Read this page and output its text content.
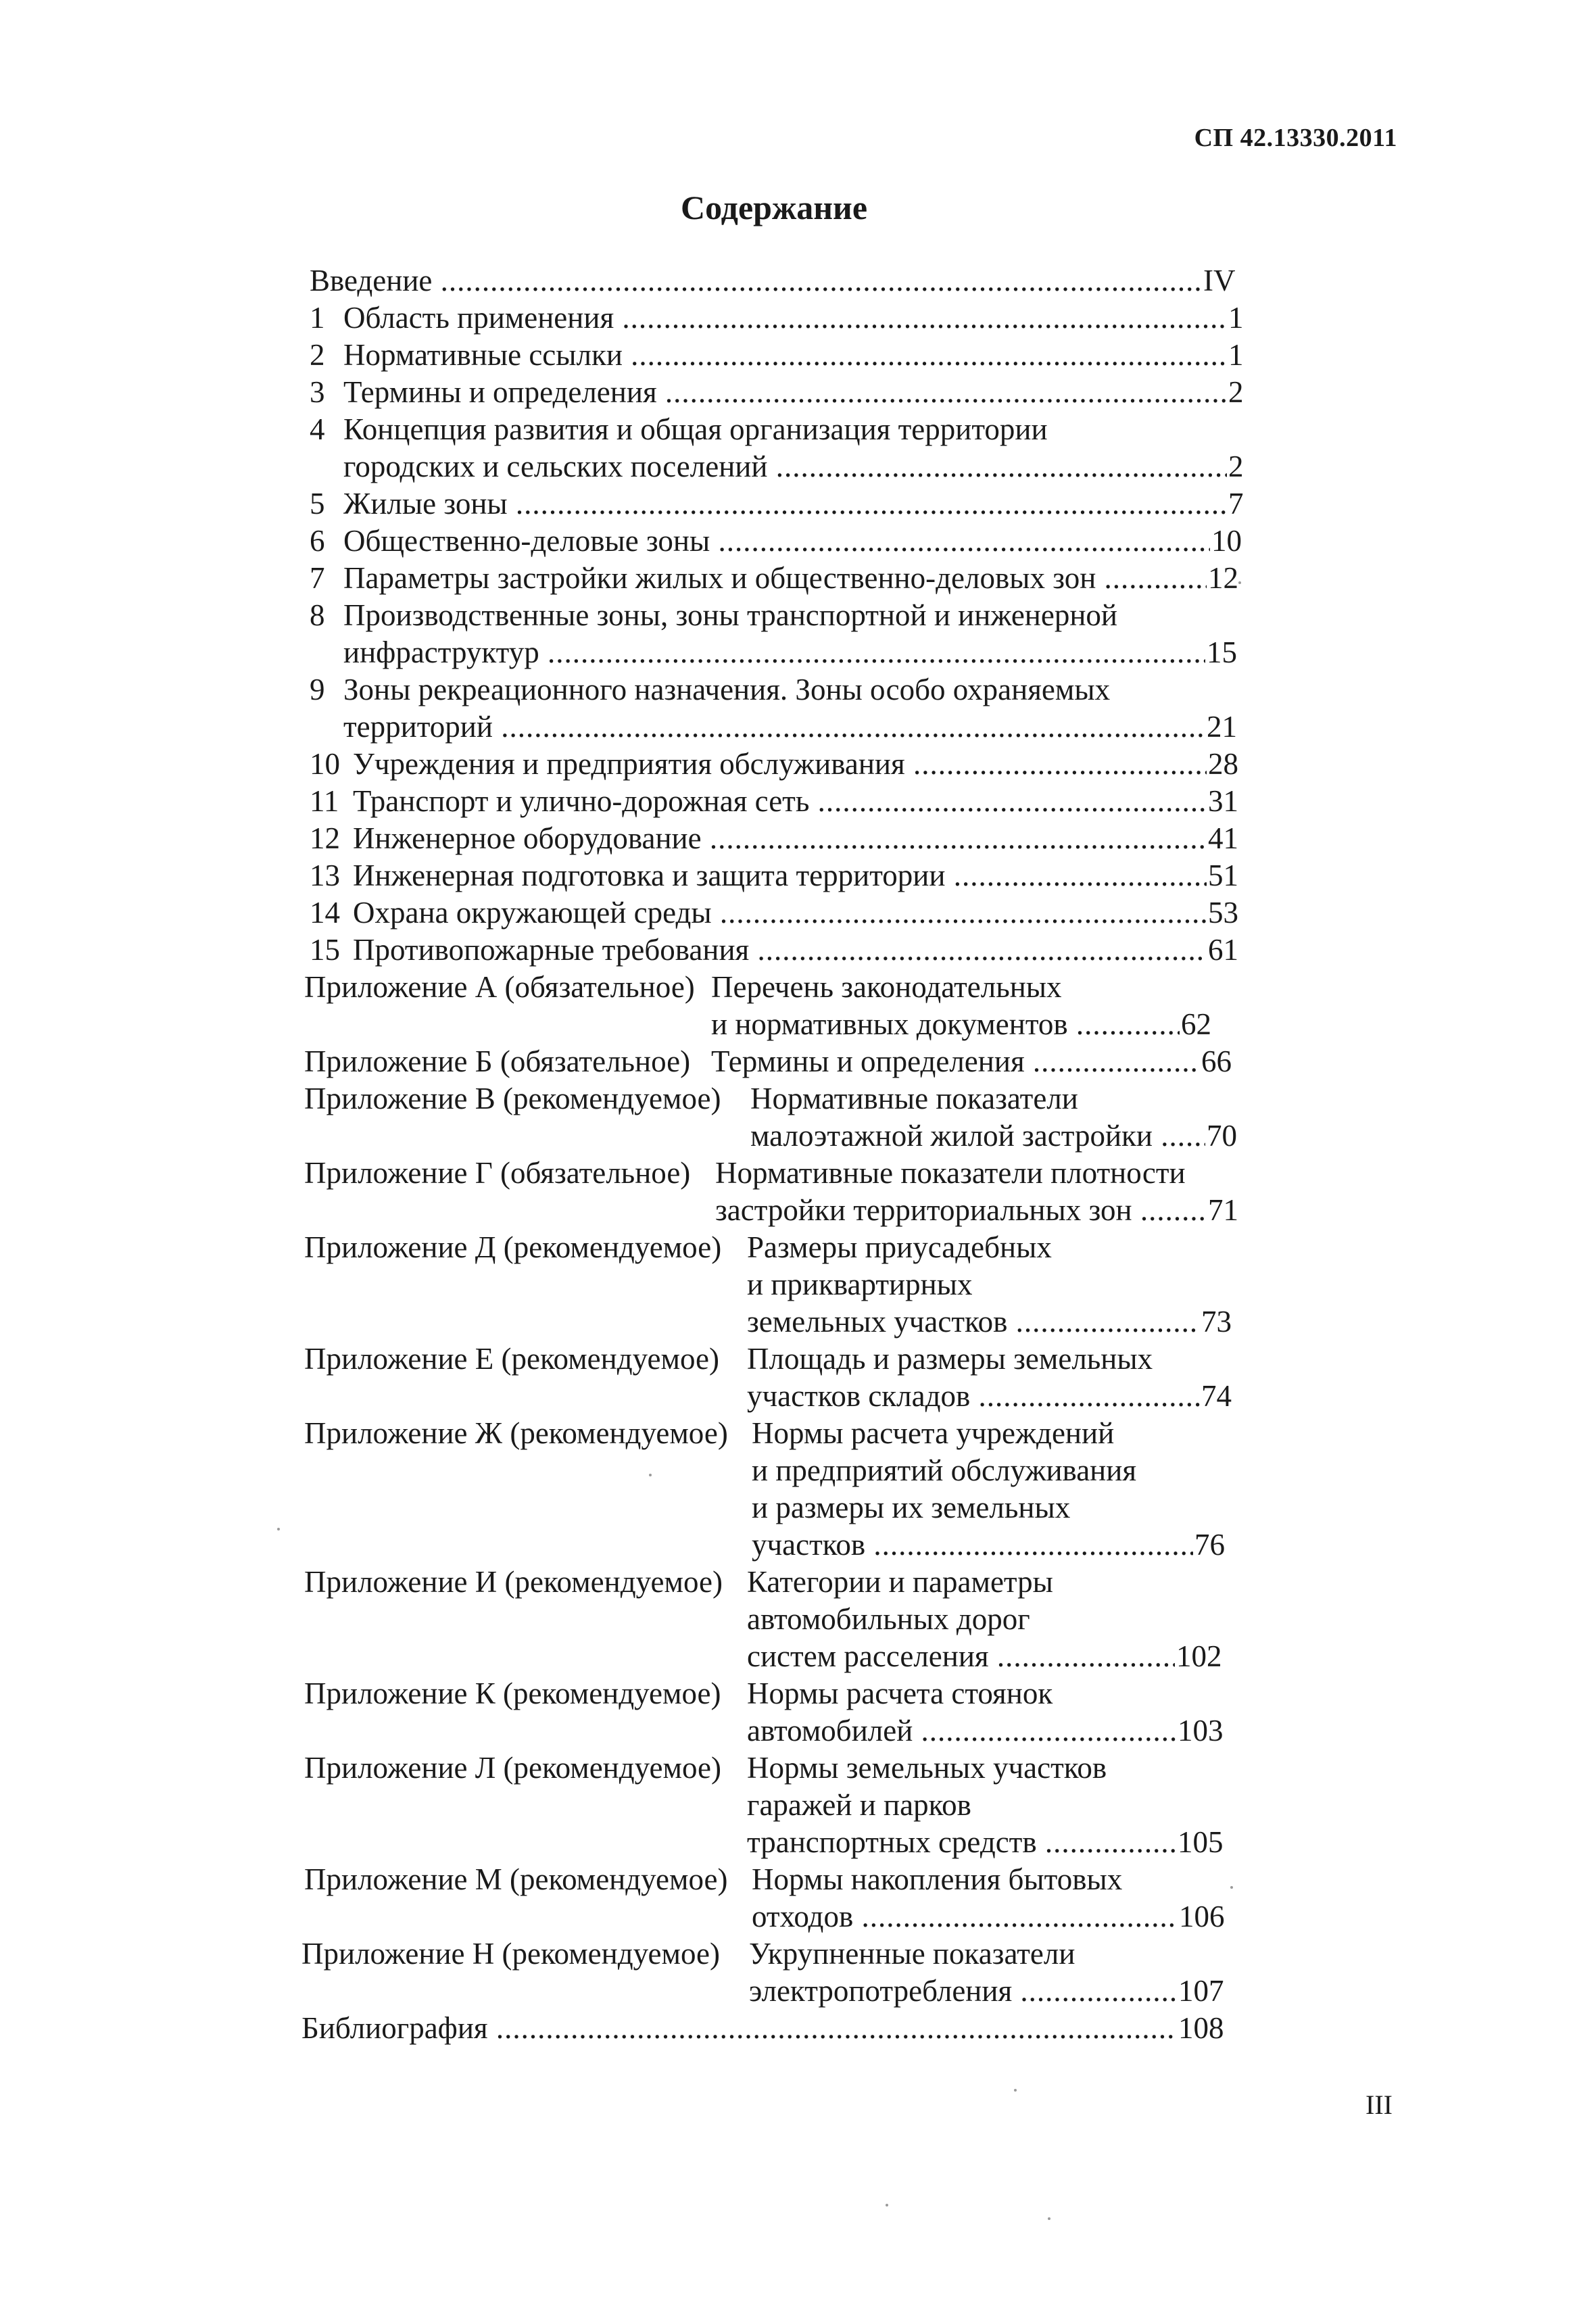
СП 42.13330.2011
Содержание
Введение .....	IV
1 Область применения .....	1
2 Нормативные ссылки .....	1
3 Термины и определения .....	2
4 Концепция развития и общая организация территории
городских и сельских поселений .....	2
5 Жилые зоны .....	7
6 Общественно-деловые зоны .....	10
7 Параметры застройки жилых и общественно-деловых зон .....	12
8 Производственные зоны, зоны транспортной и инженерной
инфраструктур .....	15
9 Зоны рекреационного назначения. Зоны особо охраняемых
территорий .....	21
10 Учреждения и предприятия обслуживания .....	28
11 Транспорт и улично-дорожная сеть .....	31
12 Инженерное оборудование .....	41
13 Инженерная подготовка и защита территории .....	51
14 Охрана окружающей среды .....	53
15 Противопожарные требования .....	61
Приложение А (обязательное) Перечень законодательных
и нормативных документов .....	62
Приложение Б (обязательное) Термины и определения .....	66
Приложение В (рекомендуемое) Нормативные показатели
малоэтажной жилой застройки .....	70
Приложение Г (обязательное) Нормативные показатели плотности
застройки территориальных зон .....	71
Приложение Д (рекомендуемое) Размеры приусадебных
и приквартирных
земельных участков .....	73
Приложение Е (рекомендуемое) Площадь и размеры земельных
участков складов .....	74
Приложение Ж (рекомендуемое) Нормы расчета учреждений
и предприятий обслуживания
и размеры их земельных
участков .....	76
Приложение И (рекомендуемое) Категории и параметры
автомобильных дорог
систем расселения .....	102
Приложение К (рекомендуемое) Нормы расчета стоянок
автомобилей .....	103
Приложение Л (рекомендуемое) Нормы земельных участков
гаражей и парков
транспортных средств .....	105
Приложение М (рекомендуемое) Нормы накопления бытовых
отходов .....	106
Приложение Н (рекомендуемое) Укрупненные показатели
электропотребления .....	107
Библиография .....	108
III
